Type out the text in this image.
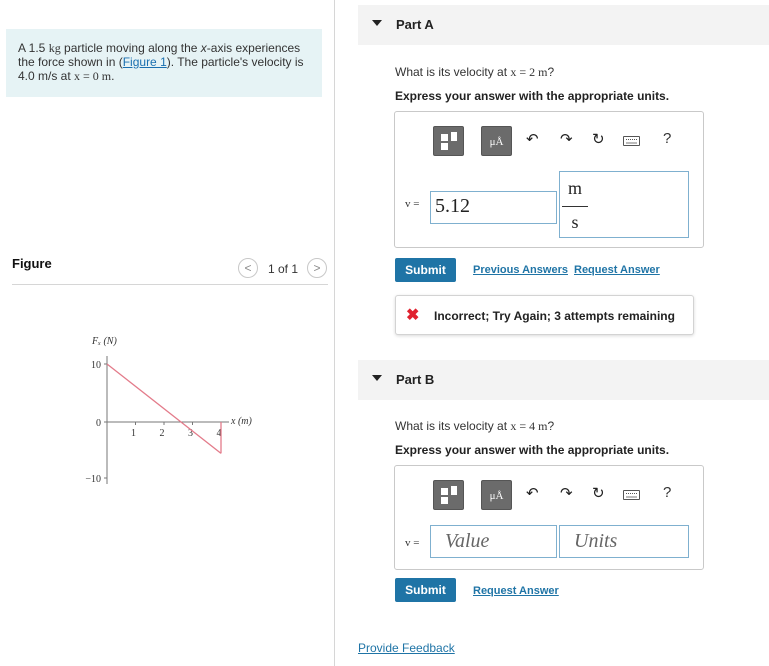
A 1.5 kg particle moving along the x-axis experiences
the force shown in (Figure 1). The particle's velocity is
4.0 m/s at x = 0 m.
Figure	<	1 of 1	>
10
0
−10
1 2 3 4
x (m)
Fₓ (N)
Part A
What is its velocity at x = 2 m?
Express your answer with the appropriate units.
μÅ	↶ ↷ ↻	?
v = 5.12
m
s
Submit	Previous Answers Request Answer
✖ Incorrect; Try Again; 3 attempts remaining
Part B
What is its velocity at x = 4 m?
Express your answer with the appropriate units.
μÅ	↶ ↷ ↻	?
v = Value	Units
Submit	Request Answer
Provide Feedback
